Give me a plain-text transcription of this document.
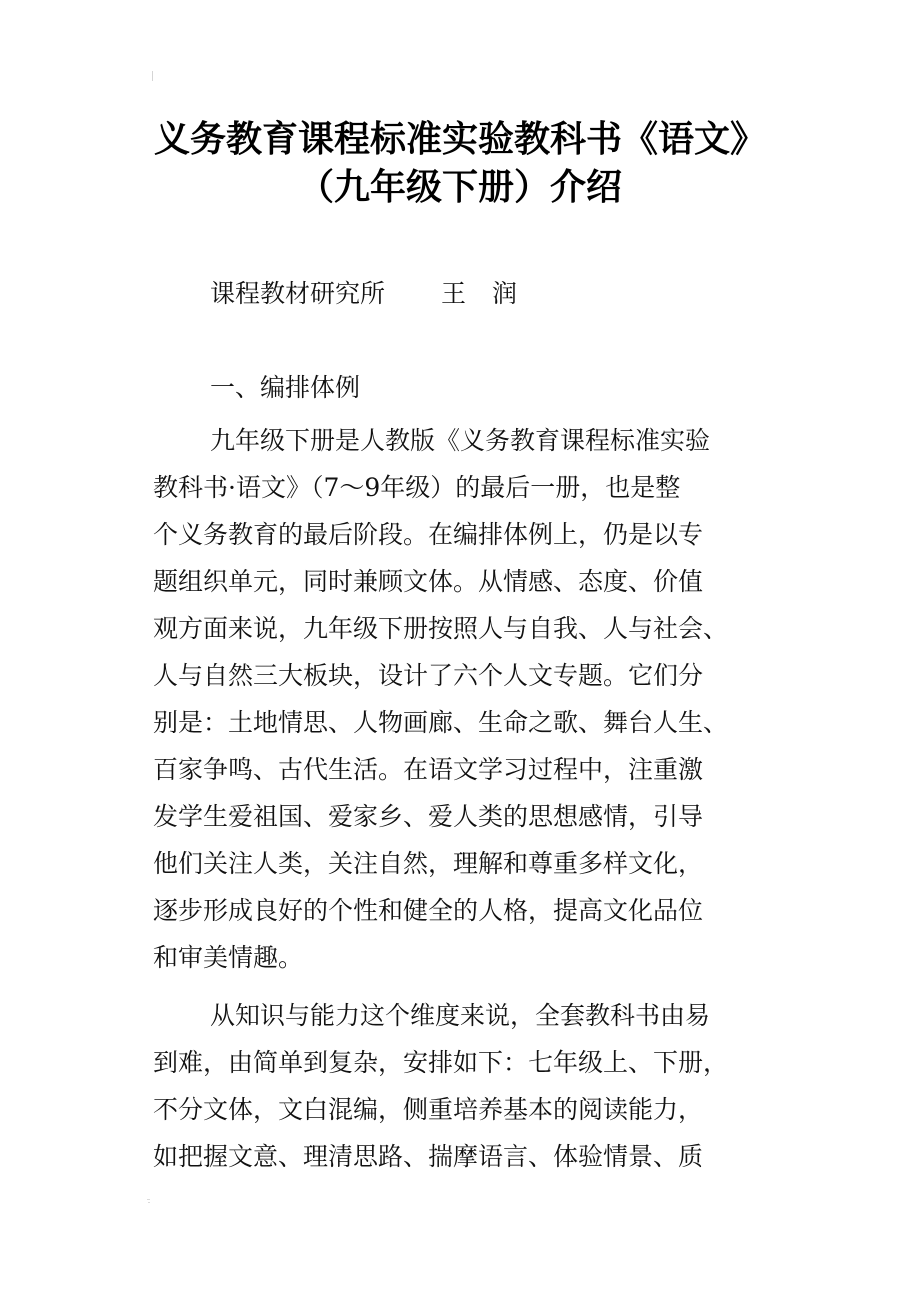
义务教育课程标准实验教科书《语文》
（九年级下册）介绍
课程教材研究所 王 润
一、编排体例
九年级下册是人教版《义务教育课程标准实验
教科书·语文》（7～9年级）的最后一册，也是整
个义务教育的最后阶段。在编排体例上，仍是以专
题组织单元，同时兼顾文体。从情感、态度、价值
观方面来说，九年级下册按照人与自我、人与社会、
人与自然三大板块，设计了六个人文专题。它们分
别是：土地情思、人物画廊、生命之歌、舞台人生、
百家争鸣、古代生活。在语文学习过程中，注重激
发学生爱祖国、爱家乡、爱人类的思想感情，引导
他们关注人类，关注自然，理解和尊重多样文化，
逐步形成良好的个性和健全的人格，提高文化品位
和审美情趣。
从知识与能力这个维度来说，全套教科书由易
到难，由简单到复杂，安排如下：七年级上、下册，
不分文体，文白混编，侧重培养基本的阅读能力，
如把握文意、理清思路、揣摩语言、体验情景、质
